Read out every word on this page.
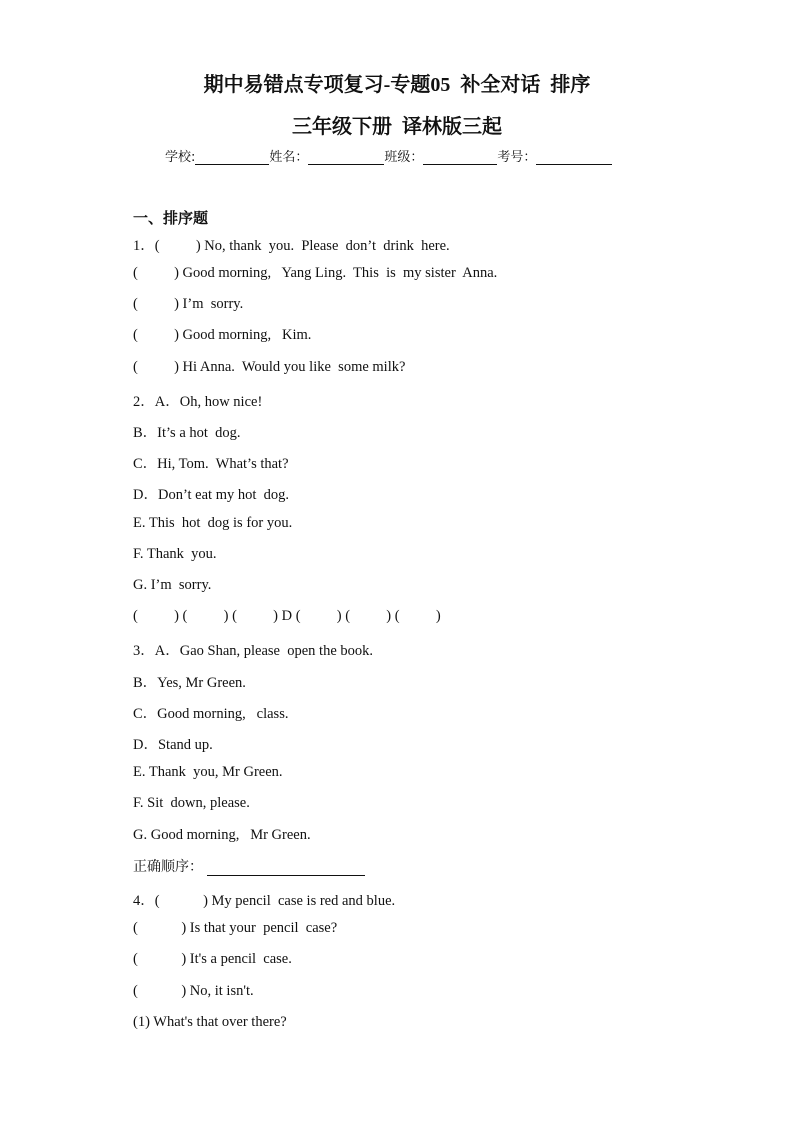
期中易错点专项复习-专题05  补全对话  排序
三年级下册  译林版三起
学校:	姓名：	班级：	考号：
一、排序题
1．(          ) No, thank  you.  Please  don’t  drink  here.
(          ) Good morning,   Yang Ling.  This  is  my sister  Anna.
(          ) I’m  sorry.
(          ) Good morning,   Kim.
(          ) Hi Anna.  Would you like  some milk?
2．A．Oh, how nice!
B．It’s a hot  dog.
C．Hi, Tom.  What’s that?
D．Don’t eat my hot  dog.
E. This  hot  dog is for you.
F. Thank  you.
G. I’m  sorry.
(          ) (          ) (          ) D (          ) (          ) (          )
3．A．Gao Shan, please  open the book.
B．Yes, Mr Green.
C．Good morning,   class.
D．Stand up.
E. Thank  you, Mr Green.
F. Sit  down, please.
G. Good morning,   Mr Green.
正确顺序：
4．(            ) My pencil  case is red and blue.
(            ) Is that your  pencil  case?
(            ) It's a pencil  case.
(            ) No, it isn't.
(1) What's that over there?
